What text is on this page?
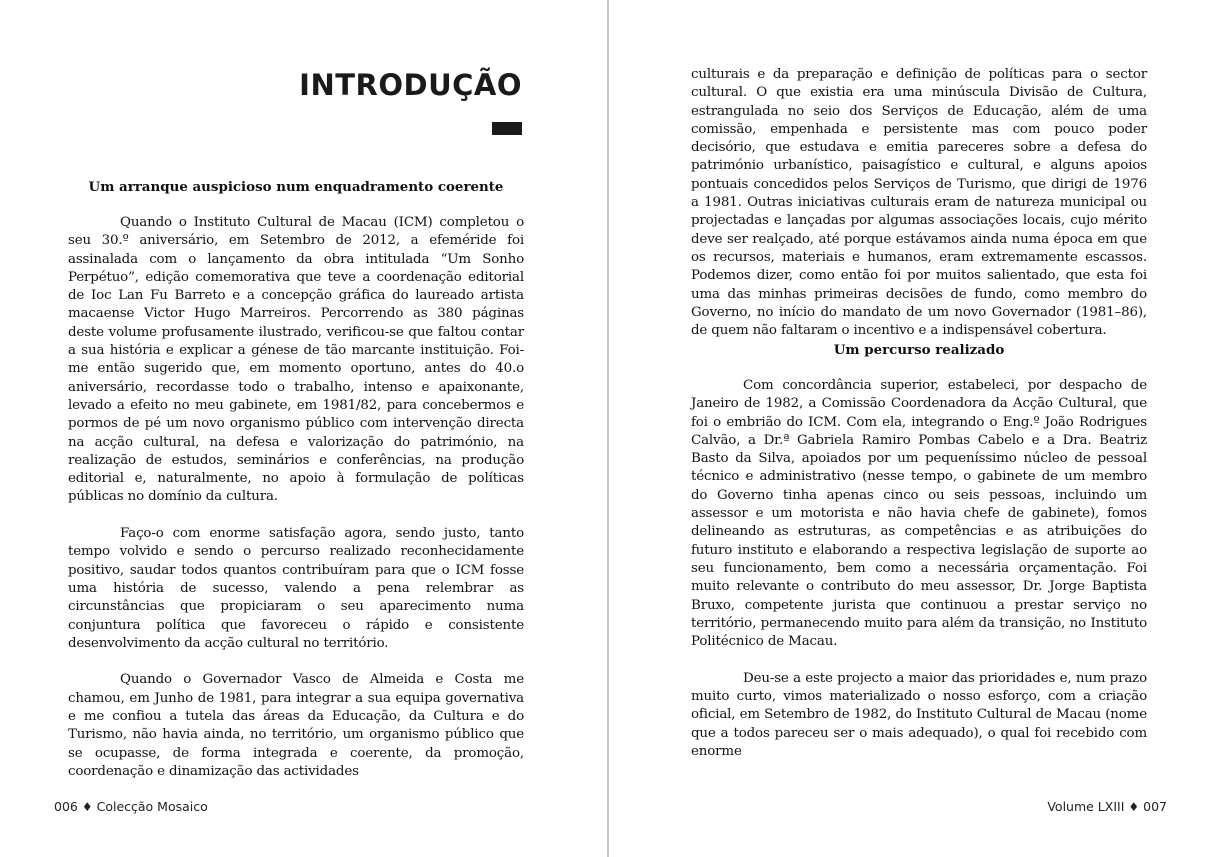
INTRODUÇÃO
Um arranque auspicioso num enquadramento coerente

Quando o Instituto Cultural de Macau (ICM) completou o seu 30.º aniversário, em Setembro de 2012, a efeméride foi assinalada com o lançamento da obra intitulada “Um Sonho Perpétuo”, edição comemorativa que teve a coordenação editorial de Ioc Lan Fu Barreto e a concepção gráfica do laureado artista macaense Victor Hugo Marreiros. Percorrendo as 380 páginas deste volume profusamente ilustrado, verificou-se que faltou contar a sua história e explicar a génese de tão marcante instituição. Foi-me então sugerido que, em momento oportuno, antes do 40.o aniversário, recordasse todo o trabalho, intenso e apaixonante, levado a efeito no meu gabinete, em 1981/82, para concebermos e pormos de pé um novo organismo público com intervenção directa na acção cultural, na defesa e valorização do património, na realização de estudos, seminários e conferências, na produção editorial e, naturalmente, no apoio à formulação de políticas públicas no domínio da cultura.

Faço-o com enorme satisfação agora, sendo justo, tanto tempo volvido e sendo o percurso realizado reconhecidamente positivo, saudar todos quantos contribuíram para que o ICM fosse uma história de sucesso, valendo a pena relembrar as circunstâncias que propiciaram o seu aparecimento numa conjuntura política que favoreceu o rápido e consistente desenvolvimento da acção cultural no território.

Quando o Governador Vasco de Almeida e Costa me chamou, em Junho de 1981, para integrar a sua equipa governativa e me confiou a tutela das áreas da Educação, da Cultura e do Turismo, não havia ainda, no território, um organismo público que se ocupasse, de forma integrada e coerente, da promoção, coordenação e dinamização das actividades

006 ♦ Colecção Mosaico

culturais e da preparação e definição de políticas para o sector cultural. O que existia era uma minúscula Divisão de Cultura, estrangulada no seio dos Serviços de Educação, além de uma comissão, empenhada e persistente mas com pouco poder decisório, que estudava e emitia pareceres sobre a defesa do património urbanístico, paisagístico e cultural, e alguns apoios pontuais concedidos pelos Serviços de Turismo, que dirigi de 1976 a 1981. Outras iniciativas culturais eram de natureza municipal ou projectadas e lançadas por algumas associações locais, cujo mérito deve ser realçado, até porque estávamos ainda numa época em que os recursos, materiais e humanos, eram extremamente escassos. Podemos dizer, como então foi por muitos salientado, que esta foi uma das minhas primeiras decisões de fundo, como membro do Governo, no início do mandato de um novo Governador (1981–86), de quem não faltaram o incentivo e a indispensável cobertura.

Um percurso realizado

Com concordância superior, estabeleci, por despacho de Janeiro de 1982, a Comissão Coordenadora da Acção Cultural, que foi o embrião do ICM. Com ela, integrando o Eng.º João Rodrigues Calvão, a Dr.ª Gabriela Ramiro Pombas Cabelo e a Dra. Beatriz Basto da Silva, apoiados por um pequeníssimo núcleo de pessoal técnico e administrativo (nesse tempo, o gabinete de um membro do Governo tinha apenas cinco ou seis pessoas, incluindo um assessor e um motorista e não havia chefe de gabinete), fomos delineando as estruturas, as competências e as atribuições do futuro instituto e elaborando a respectiva legislação de suporte ao seu funcionamento, bem como a necessária orçamentação. Foi muito relevante o contributo do meu assessor, Dr. Jorge Baptista Bruxo, competente jurista que continuou a prestar serviço no território, permanecendo muito para além da transição, no Instituto Politécnico de Macau.

Deu-se a este projecto a maior das prioridades e, num prazo muito curto, vimos materializado o nosso esforço, com a criação oficial, em Setembro de 1982, do Instituto Cultural de Macau (nome que a todos pareceu ser o mais adequado), o qual foi recebido com enorme

Volume LXIII ♦ 007
